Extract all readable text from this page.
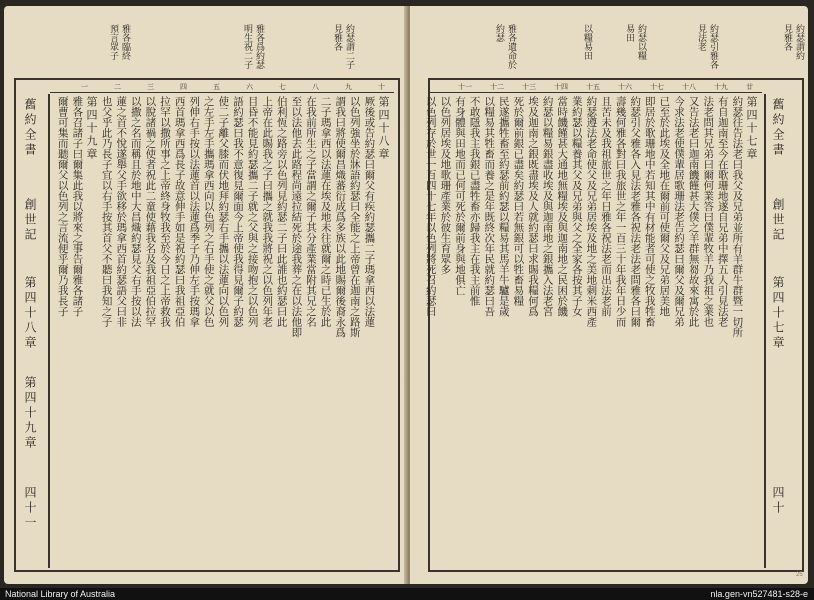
約瑟謂二子
見雅各
雅各爲約瑟
明生祝二子
雅各臨終
預言眾子
舊約全書
創世記
第四十八章
第四十九章
四十一
第四十八章
厥後或告約瑟曰爾父有疾約瑟攜二子瑪拿西以法蓮
以色列強坐於牀語約瑟曰全能之上帝曾在迦南之路斯
謂我曰將使爾昌熾蕃衍成爲多族以此地賜爾後裔永爲
二子瑪拿西以法蓮在埃及地未往就爾之時已生於此
在我前所生之子當謂之爾子其分產業當附其兄之名
至以法他去此路程尚遠拉結死於途我葬之在以法他即
伯利恆之路旁以色列見約瑟二子曰此誰也約瑟曰此
上帝在此賜我之子曰攜之就我我將祝之以色列年老
目昏不能見約瑟攜二子就之父與之接吻抱之以色列
語約瑟曰我不意復見爾面今上帝使我得見爾子約瑟
使二子離父膝而伏地拜約瑟右手攜以法蓮向以色列
之左手左手攜瑪拿西向以色列之右手使之就父以色
列伸右手按以法蓮首以法蓮爲季子乃伸左手按瑪拿
西首瑪拿西爲長子故意伸手如是祝約瑟曰我祖亞伯
拉罕以撒所事之上帝終身牧我至於今日之上帝救我
以脫諸禍之使者祝此二童使藉我名及我祖亞伯拉罕
以撒之名而稱且於地中大昌熾約瑟見父右手按以法
蓮之首不悅遂舉父手欲移於瑪拿西首約瑟語父曰非
也父乎此乃長子宜以右手按其首父不聽曰我知之子
第四十九章
雅各召諸子曰爾集此我以將來之事告爾雅各諸子
爾曹可集而聽爾父以色列之言流便乎爾乃我長子
十
九
八
七
六
五
四
三
二
一
約瑟謂約
見雅各
約瑟引雅各
見法老
約瑟以糧
易田
以糧易田
雅各遺命於
約瑟
舊約全書
創世記
第四十七章
四十
第四十七章
約瑟往告法老曰我父及兄弟並所有羊群牛群暨一切所
有自迦南至今在歌珊地遂自兄弟中擇五人引見法老
法老問其兄弟曰爾何業答曰僕輩牧羊乃我祖之業也
又告法老曰迦南饑饉甚大僕之羊群無芻故來寓於此
今求法老使僕輩居歌珊法老告約瑟曰爾父及爾兄弟
已至於此埃及全地在爾前可使爾父及兄弟居美地
即居於歌珊地中若知其中有材能者可使之牧我牲畜
約瑟引父雅各入見法老雅各祝法老法老問雅各曰爾
壽幾何雅各對曰我旅世之年一百三十年我年日少而
且苦未及我祖旅世之年日雅各祝法老而出法老前
約瑟遵法老命使父及兄弟居埃及地之美地刺米西產
業約瑟以糧養其父及兄弟與父之全家各按其子女
當時饑饉甚大通地無糧埃及與迦南地之民困於饑
約瑟以糧易銀盡收埃及與迦南地之銀攜入法老宮
埃及迦南之銀既盡埃及人就約瑟曰求賜我糧何爲
死於爾前銀已盡矣約瑟曰若無銀可以牲畜易糧
民遂攜牲畜至約瑟前約瑟以糧易其馬羊牛驢是歲
以糧易其牲畜而養之是年既終次年民就約瑟曰吾
不敢隱我主我銀已盡牲畜亦歸我主在我主前惟
有身體與田地而已何可死於爾前身與地俱亡
以色列居埃及地歌珊產業於彼生育眾多
以色列存於世一百四十七年以色列將死召約瑟曰
廿
十九
十八
十七
十六
十五
十四
十三
十二
十一
25
National Library of Australia	nla.gen-vn527481-s28-e
